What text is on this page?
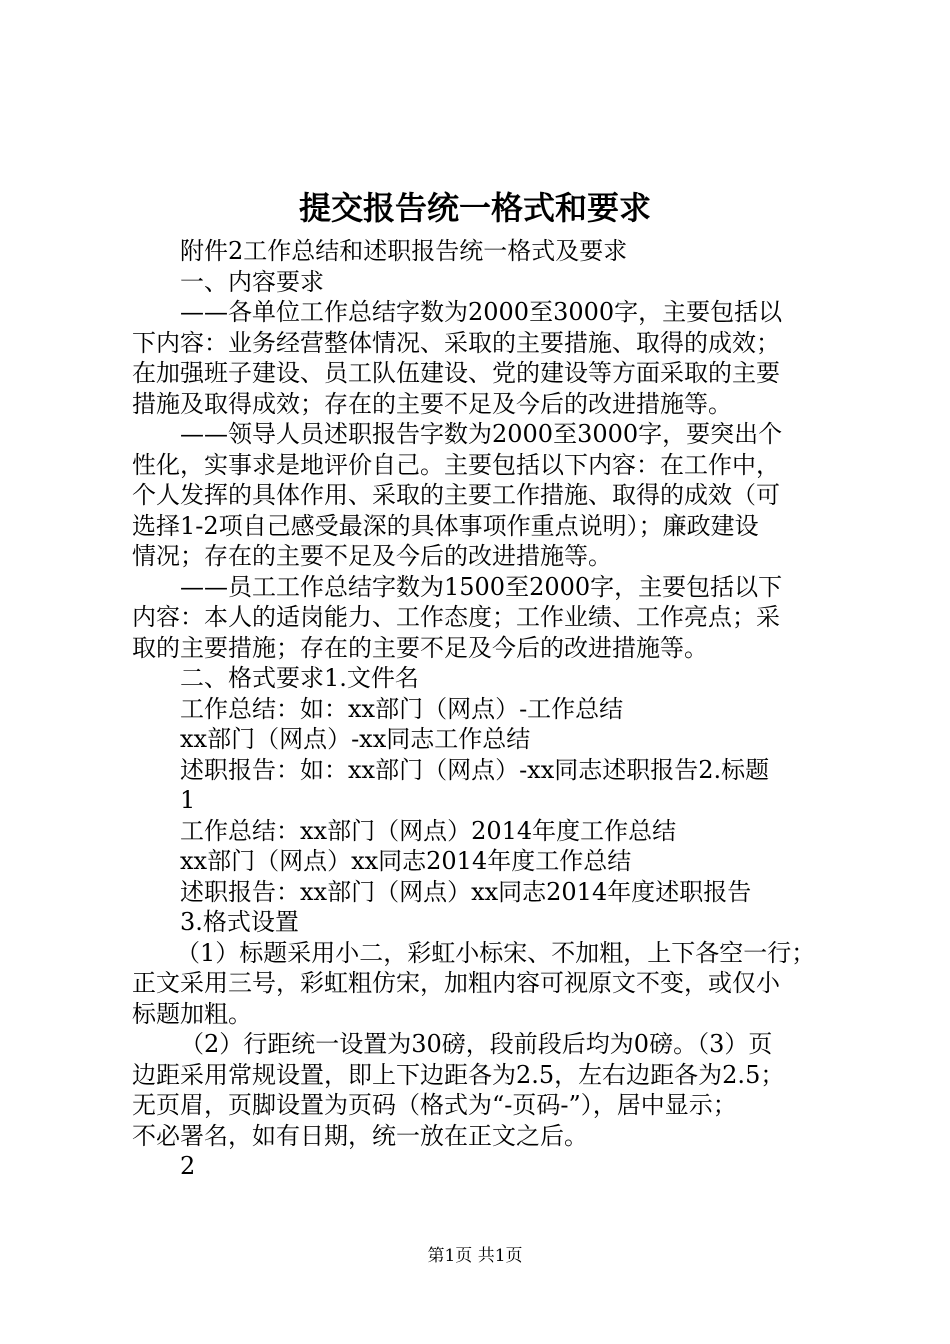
提交报告统一格式和要求
附件2工作总结和述职报告统一格式及要求
一、内容要求
——各单位工作总结字数为2000至3000字，主要包括以
下内容：业务经营整体情况、采取的主要措施、取得的成效；
在加强班子建设、员工队伍建设、党的建设等方面采取的主要
措施及取得成效；存在的主要不足及今后的改进措施等。
——领导人员述职报告字数为2000至3000字，要突出个
性化，实事求是地评价自己。主要包括以下内容：在工作中，
个人发挥的具体作用、采取的主要工作措施、取得的成效（可
选择1-2项自己感受最深的具体事项作重点说明）；廉政建设
情况；存在的主要不足及今后的改进措施等。
——员工工作总结字数为1500至2000字，主要包括以下
内容：本人的适岗能力、工作态度；工作业绩、工作亮点；采
取的主要措施；存在的主要不足及今后的改进措施等。
二、格式要求1.文件名
工作总结：如：xx部门（网点）-工作总结
xx部门（网点）-xx同志工作总结
述职报告：如：xx部门（网点）-xx同志述职报告2.标题
1
工作总结：xx部门（网点）2014年度工作总结
xx部门（网点）xx同志2014年度工作总结
述职报告：xx部门（网点）xx同志2014年度述职报告
3.格式设置
（1）标题采用小二，彩虹小标宋、不加粗，上下各空一行；
正文采用三号，彩虹粗仿宋，加粗内容可视原文不变，或仅小
标题加粗。
（2）行距统一设置为30磅，段前段后均为0磅。（3）页
边距采用常规设置，即上下边距各为2.5，左右边距各为2.5；
无页眉，页脚设置为页码（格式为“-页码-”），居中显示；
不必署名，如有日期，统一放在正文之后。
2
第1页 共1页
